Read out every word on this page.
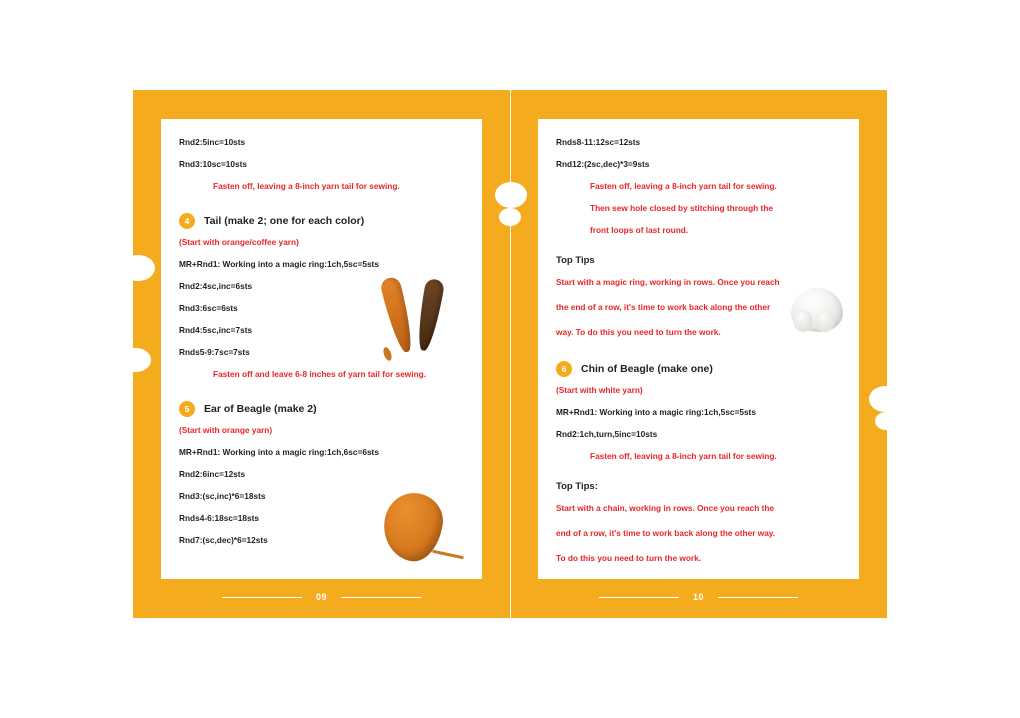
Rnd2:5inc=10sts
Rnd3:10sc=10sts
Fasten off, leaving a 8-inch yarn tail for sewing.
4	Tail (make 2; one for each color)
(Start with orange/coffee yarn)
MR+Rnd1: Working into a magic ring:1ch,5sc=5sts
Rnd2:4sc,inc=6sts
Rnd3:6sc=6sts
Rnd4:5sc,inc=7sts
Rnds5-9:7sc=7sts
Fasten off and leave 6-8 inches of yarn tail for sewing.
5	Ear of Beagle (make 2)
(Start with orange yarn)
MR+Rnd1: Working into a magic ring:1ch,6sc=6sts
Rnd2:6inc=12sts
Rnd3:(sc,inc)*6=18sts
Rnds4-6:18sc=18sts
Rnd7:(sc,dec)*6=12sts
09
Rnds8-11:12sc=12sts
Rnd12:(2sc,dec)*3=9sts
Fasten off, leaving a 8-inch yarn tail for sewing.
Then sew hole closed by stitching through the
front loops of last round.
Top Tips
Start with a magic ring, working in rows. Once you reach
the end of a row, it's time to work back along the other
way. To do this you need to turn the work.
6	Chin of Beagle (make one)
(Start with white yarn)
MR+Rnd1: Working into a magic ring:1ch,5sc=5sts
Rnd2:1ch,turn,5inc=10sts
Fasten off, leaving a 8-inch yarn tail for sewing.
Top Tips:
Start with a chain, working in rows. Once you reach the
end of a row, it's time to work back along the other way.
To do this you need to turn the work.
10
